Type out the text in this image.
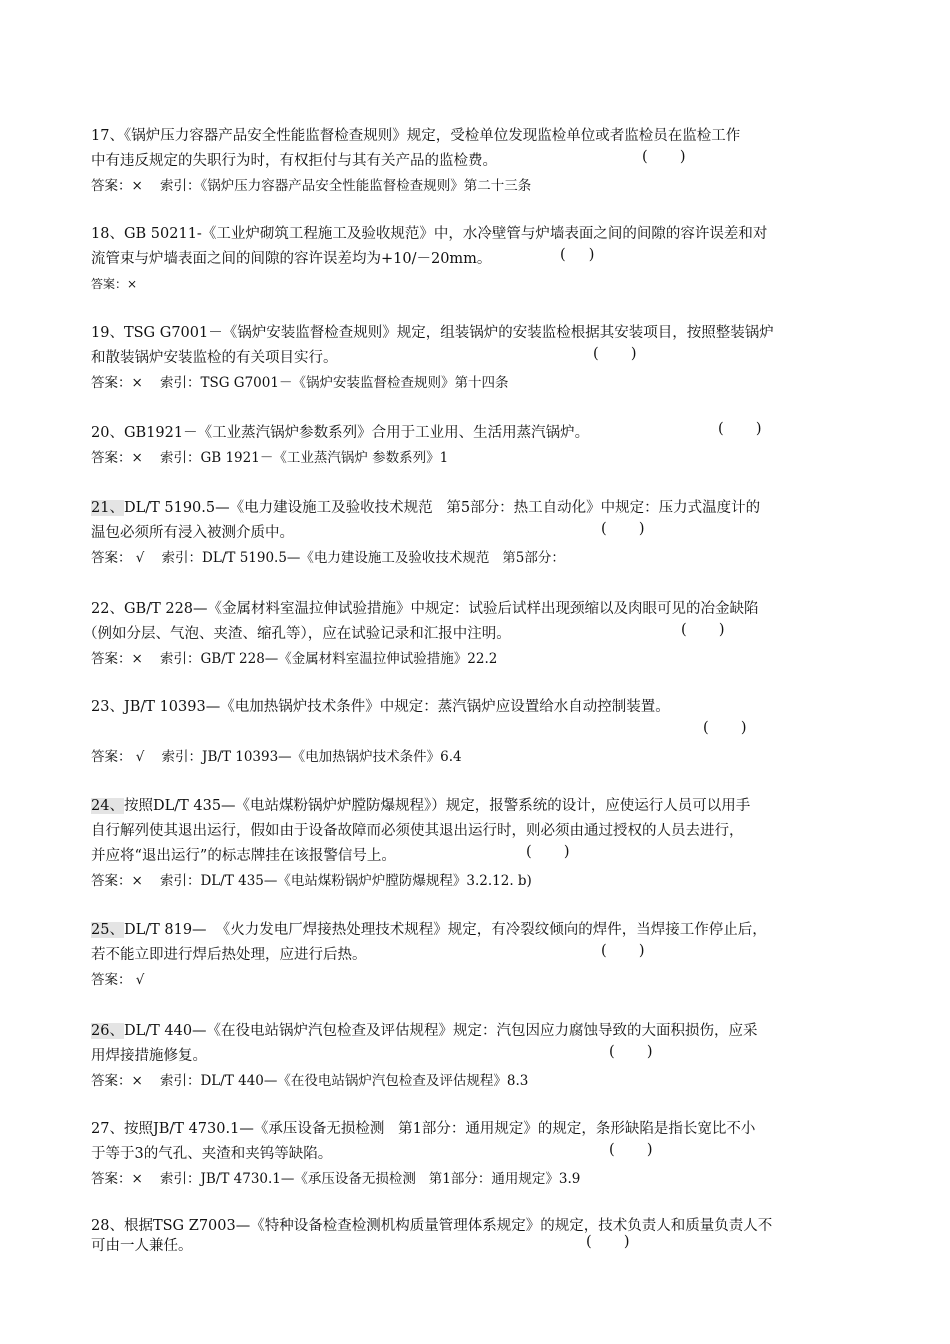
17、《锅炉压力容器产品安全性能监督检查规则》规定，受检单位发现监检单位或者监检员在监检工作
中有违反规定的失职行为时，有权拒付与其有关产品的监检费。	(       )
答案：×    索引：《锅炉压力容器产品安全性能监督检查规则》第二十三条
18、GB 50211-《工业炉砌筑工程施工及验收规范》中，水冷壁管与炉墙表面之间的间隙的容许误差和对
流管束与炉墙表面之间的间隙的容许误差均为+10/－20mm。	(     )
答案：×
19、TSG G7001－《锅炉安装监督检查规则》规定，组装锅炉的安装监检根据其安装项目，按照整装锅炉
和散装锅炉安装监检的有关项目实行。	(       )
答案：×    索引：TSG G7001－《锅炉安装监督检查规则》第十四条
20、GB1921－《工业蒸汽锅炉参数系列》合用于工业用、生活用蒸汽锅炉。	(       )
答案：×    索引：GB 1921－《工业蒸汽锅炉 参数系列》1
21、DL/T 5190.5—《电力建设施工及验收技术规范   第5部分：热工自动化》中规定：压力式温度计的
温包必须所有浸入被测介质中。	(       )
答案： √    索引：DL/T 5190.5—《电力建设施工及验收技术规范   第5部分：
22、GB/T 228—《金属材料室温拉伸试验措施》中规定：试验后试样出现颈缩以及肉眼可见的冶金缺陷
（例如分层、气泡、夹渣、缩孔等），应在试验记录和汇报中注明。	(       )
答案：×    索引：GB/T 228—《金属材料室温拉伸试验措施》22.2
23、JB/T 10393—《电加热锅炉技术条件》中规定：蒸汽锅炉应设置给水自动控制装置。
(       )
答案： √    索引：JB/T 10393—《电加热锅炉技术条件》6.4
24、按照DL/T 435—《电站煤粉锅炉炉膛防爆规程》）规定，报警系统的设计，应使运行人员可以用手
自行解列使其退出运行，假如由于设备故障而必须使其退出运行时，则必须由通过授权的人员去进行，
并应将“退出运行”的标志牌挂在该报警信号上。	(       )
答案：×    索引：DL/T 435—《电站煤粉锅炉炉膛防爆规程》3.2.12. b)
25、DL/T 819—  《火力发电厂焊接热处理技术规程》规定，有冷裂纹倾向的焊件，当焊接工作停止后，
若不能立即进行焊后热处理，应进行后热。	(       )
答案： √
26、DL/T 440—《在役电站锅炉汽包检查及评估规程》规定：汽包因应力腐蚀导致的大面积损伤，应采
用焊接措施修复。	(       )
答案：×    索引：DL/T 440—《在役电站锅炉汽包检查及评估规程》8.3
27、按照JB/T 4730.1—《承压设备无损检测   第1部分：通用规定》的规定，条形缺陷是指长宽比不小
于等于3的气孔、夹渣和夹钨等缺陷。	(       )
答案：×    索引：JB/T 4730.1—《承压设备无损检测   第1部分：通用规定》3.9
28、根据TSG Z7003—《特种设备检查检测机构质量管理体系规定》的规定，技术负责人和质量负责人不
可由一人兼任。	(       )
